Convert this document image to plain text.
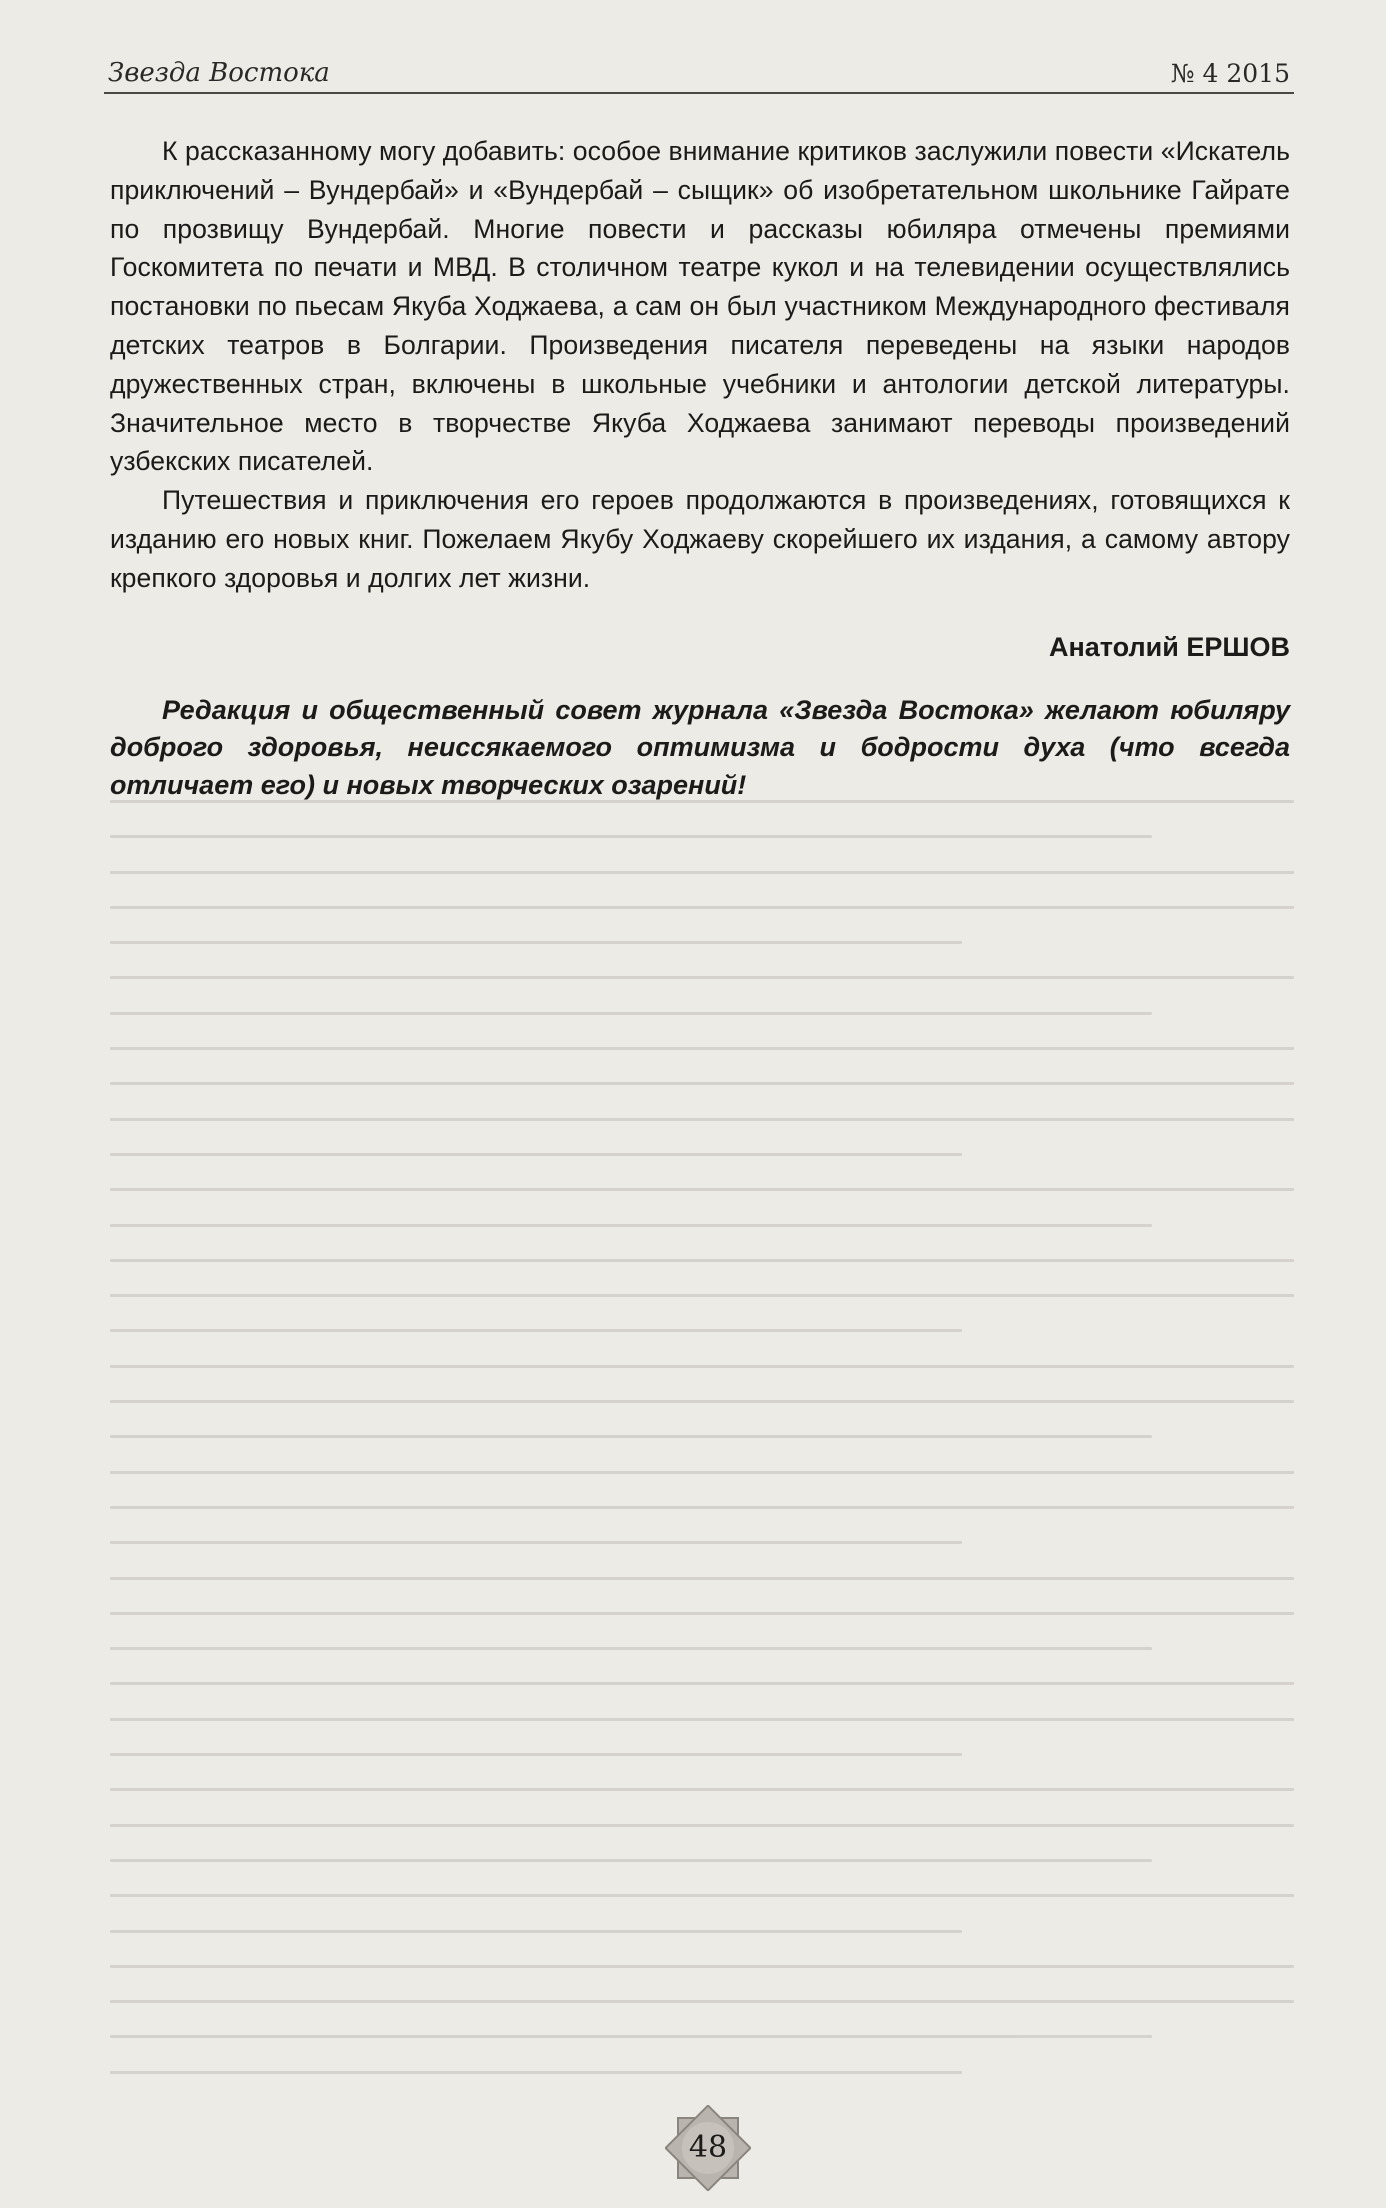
Звезда Востока	№ 4 2015

К рассказанному могу добавить: особое внимание критиков заслужили повести «Искатель приключений – Вундербай» и «Вундербай – сыщик» об изобретательном школьнике Гайрате по прозвищу Вундербай. Многие повести и рассказы юбиляра отмечены премиями Госкомитета по печати и МВД. В столичном театре кукол и на телевидении осуществлялись постановки по пьесам Якуба Ходжаева, а сам он был участником Международного фестиваля детских театров в Болгарии. Произведения писателя переведены на языки народов дружественных стран, включены в школьные учебники и антологии детской литературы. Значительное место в творчестве Якуба Ходжаева занимают переводы произведений узбекских писателей.

Путешествия и приключения его героев продолжаются в произведениях, готовящихся к изданию его новых книг. Пожелаем Якубу Ходжаеву скорейшего их издания, а самому автору крепкого здоровья и долгих лет жизни.

Анатолий ЕРШОВ

Редакция и общественный совет журнала «Звезда Востока» желают юбиляру доброго здоровья, неиссякаемого оптимизма и бодрости духа (что всегда отличает его) и новых творческих озарений!

48
